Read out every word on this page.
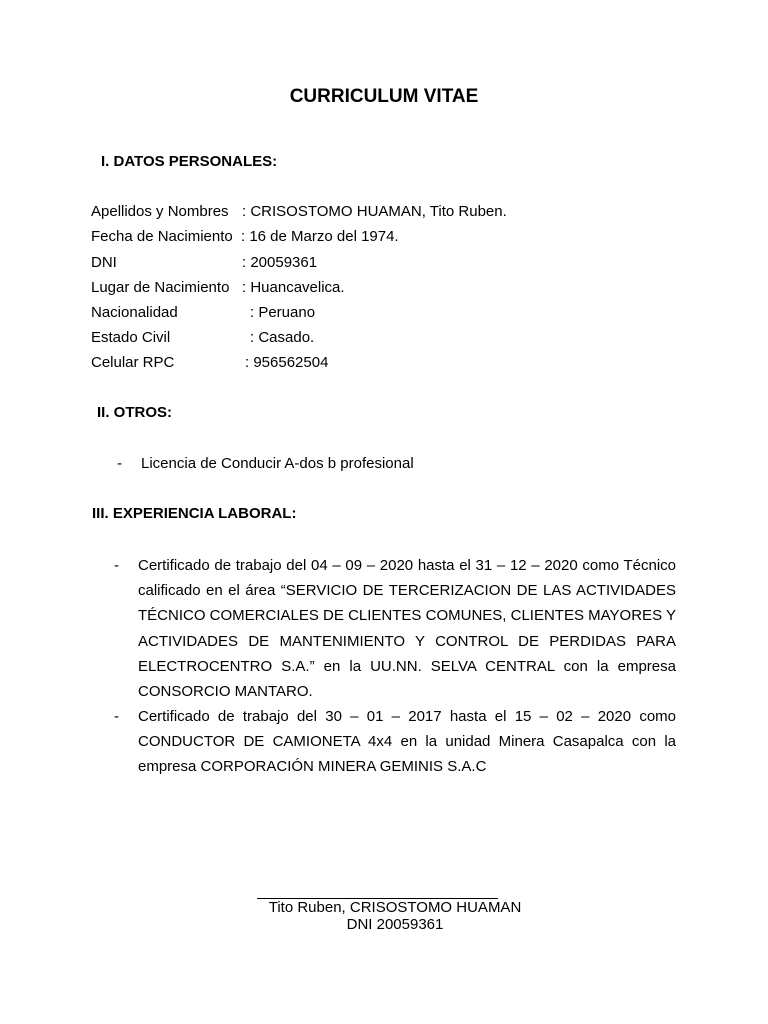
CURRICULUM VITAE
I. DATOS PERSONALES:
Apellidos y Nombres : CRISOSTOMO HUAMAN, Tito Ruben.
Fecha de Nacimiento : 16 de Marzo del 1974.
DNI	: 20059361
Lugar de Nacimiento : Huancavelica.
Nacionalidad	: Peruano
Estado Civil	: Casado.
Celular RPC	: 956562504
II. OTROS:
- Licencia de Conducir A-dos b profesional
III. EXPERIENCIA LABORAL:
- Certificado de trabajo del 04 – 09 – 2020 hasta el 31 – 12 – 2020 como Técnico calificado en el área “SERVICIO DE TERCERIZACION DE LAS ACTIVIDADES TÉCNICO COMERCIALES DE CLIENTES COMUNES, CLIENTES MAYORES Y ACTIVIDADES DE MANTENIMIENTO Y CONTROL DE PERDIDAS PARA ELECTROCENTRO S.A.” en la UU.NN. SELVA CENTRAL con la empresa CONSORCIO MANTARO.
- Certificado de trabajo del 30 – 01 – 2017 hasta el 15 – 02 – 2020 como CONDUCTOR DE CAMIONETA 4x4 en la unidad Minera Casapalca con la empresa CORPORACIÓN MINERA GEMINIS S.A.C
Tito Ruben, CRISOSTOMO HUAMAN
DNI 20059361
